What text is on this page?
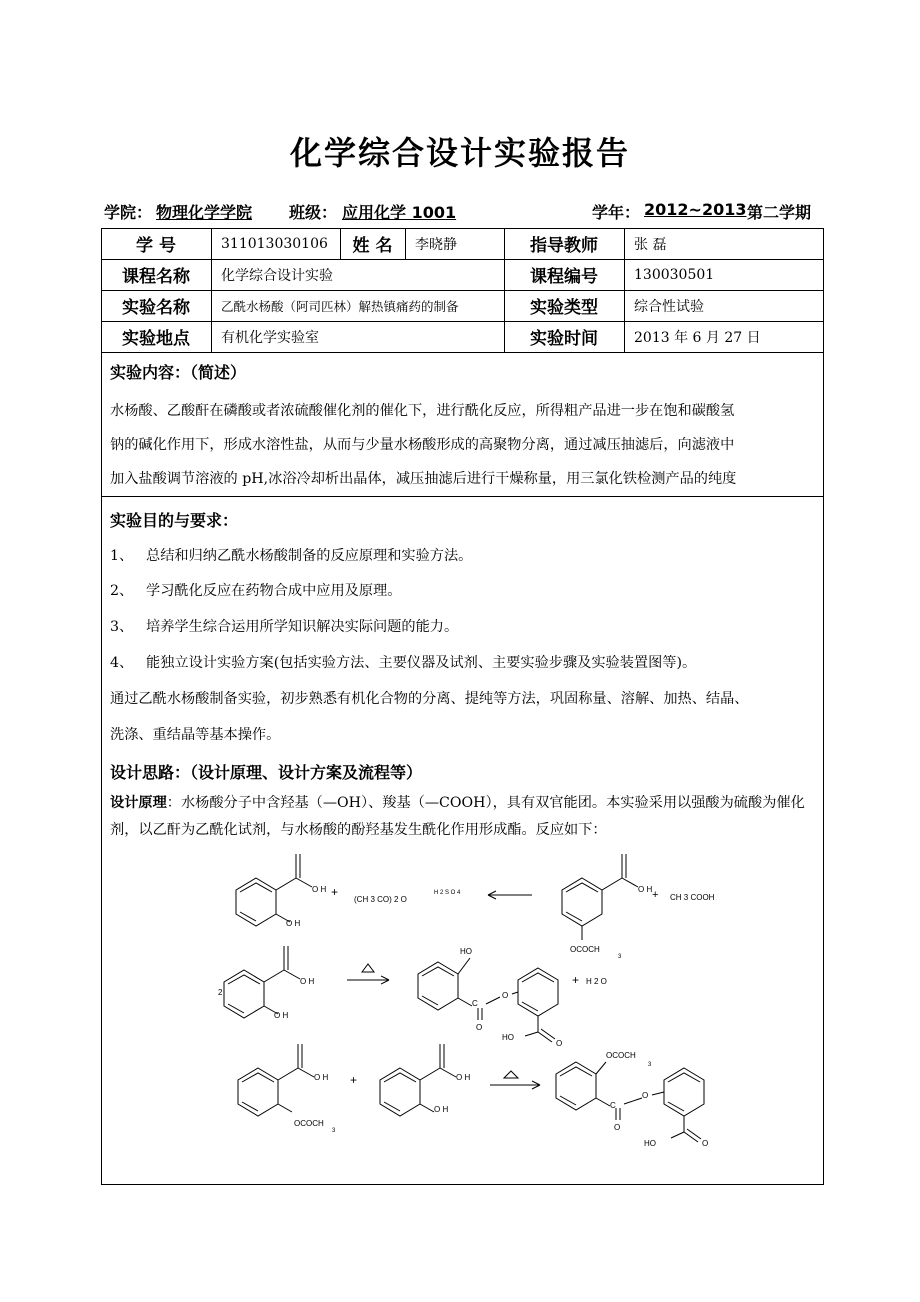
化学综合设计实验报告
学院： 物理化学学院 班级： 应用化学 1001	学年： 2012~2013 第二学期
学 号	311013030106	姓 名	李晓静	指导教师	张 磊
课程名称	化学综合设计实验	课程编号	130030501
实验名称	乙酰水杨酸（阿司匹林）解热镇痛药的制备	实验类型	综合性试验
实验地点	有机化学实验室	实验时间	2013 年 6 月 27 日
实验内容：（简述）
水杨酸、乙酸酐在磷酸或者浓硫酸催化剂的催化下，进行酰化反应，所得粗产品进一步在饱和碳酸氢
钠的碱化作用下，形成水溶性盐，从而与少量水杨酸形成的高聚物分离，通过减压抽滤后，向滤液中
加入盐酸调节溶液的 pH,冰浴冷却析出晶体，减压抽滤后进行干燥称量，用三氯化铁检测产品的纯度
实验目的与要求：
1、 总结和归纳乙酰水杨酸制备的反应原理和实验方法。
2、 学习酰化反应在药物合成中应用及原理。
3、 培养学生综合运用所学知识解决实际问题的能力。
4、 能独立设计实验方案(包括实验方法、主要仪器及试剂、主要实验步骤及实验装置图等)。
通过乙酰水杨酸制备实验，初步熟悉有机化合物的分离、提纯等方法，巩固称量、溶解、加热、结晶、
洗涤、重结晶等基本操作。
设计思路：（设计原理、设计方案及流程等）
设计原理：水杨酸分子中含羟基（—OH）、羧基（—COOH），具有双官能团。本实验采用以强酸为硫酸为催化剂，以乙酐为乙酰化试剂，与水杨酸的酚羟基发生酰化作用形成酯。反应如下：
O H +
O H
(CH 3 CO) 2 O
H 2 S O 4	O H
OCOCH
3
+ CH 3 COOH
2
O H
O H
HO
C
O
O
HO
O
+ H 2 O
O H +
OCOCH
3
O H
O H
OCOCH
3
C
O
O
HO	O
